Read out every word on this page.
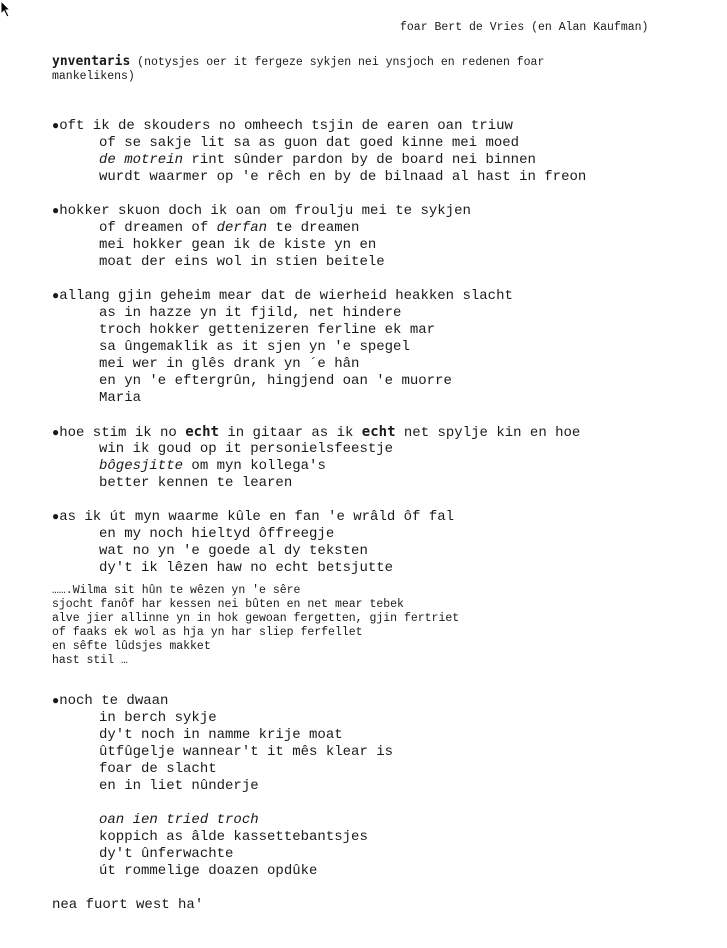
foar Bert de Vries (en Alan Kaufman)
ynventaris (notysjes oer it fergeze sykjen nei ynsjoch en redenen foar
mankelikens)
●oft ik de skouders no omheech tsjin de earen oan triuw
of se sakje lit sa as guon dat goed kinne mei moed
de motrein rint sûnder pardon by de board nei binnen
wurdt waarmer op 'e rêch en by de bilnaad al hast in freon
●hokker skuon doch ik oan om froulju mei te sykjen
of dreamen of derfan te dreamen
mei hokker gean ik de kiste yn en
moat der eins wol in stien beitele
●allang gjin geheim mear dat de wierheid heakken slacht
as in hazze yn it fjild, net hindere
troch hokker gettenizeren ferline ek mar
sa ûngemaklik as it sjen yn 'e spegel
mei wer in glês drank yn ´e hân
en yn 'e eftergrûn, hingjend oan 'e muorre
Maria
●hoe stim ik no echt in gitaar as ik echt net spylje kin en hoe
win ik goud op it personielsfeestje
bôgesjitte om myn kollega's
better kennen te learen
●as ik út myn waarme kûle en fan 'e wrâld ôf fal
en my noch hieltyd ôffreegje
wat no yn 'e goede al dy teksten
dy't ik lêzen haw no echt betsjutte
…….Wilma sit hûn te wêzen yn 'e sêre
sjocht fanôf har kessen nei bûten en net mear tebek
alve jier allinne yn in hok gewoan fergetten, gjin fertriet
of faaks ek wol as hja yn har sliep ferfellet
en sêfte lûdsjes makket
hast stil …
●noch te dwaan
in berch sykje
dy't noch in namme krije moat
ûtfûgelje wannear't it mês klear is
foar de slacht
en in liet nûnderje
oan ien tried troch
koppich as âlde kassettebantsjes
dy't ûnferwachte
út rommelige doazen opdûke
nea fuort west ha'
